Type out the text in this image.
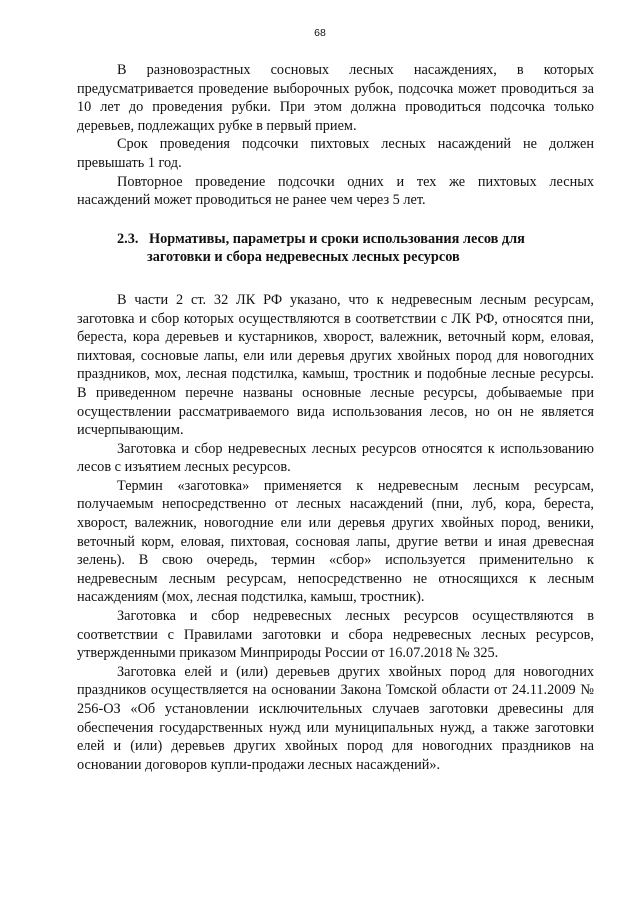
68

В разновозрастных сосновых лесных насаждениях, в которых предусматривается проведение выборочных рубок, подсочка может проводиться за 10 лет до проведения рубки. При этом должна проводиться подсочка только деревьев, подлежащих рубке в первый прием.

Срок проведения подсочки пихтовых лесных насаждений не должен превышать 1 год.

Повторное проведение подсочки одних и тех же пихтовых лесных насаждений может проводиться не ранее чем через 5 лет.

2.3. Нормативы, параметры и сроки использования лесов для
заготовки и сбора недревесных лесных ресурсов

В части 2 ст. 32 ЛК РФ указано, что к недревесным лесным ресурсам, заготовка и сбор которых осуществляются в соответствии с ЛК РФ, относятся пни, береста, кора деревьев и кустарников, хворост, валежник, веточный корм, еловая, пихтовая, сосновые лапы, ели или деревья других хвойных пород для новогодних праздников, мох, лесная подстилка, камыш, тростник и подобные лесные ресурсы. В приведенном перечне названы основные лесные ресурсы, добываемые при осуществлении рассматриваемого вида использования лесов, но он не является исчерпывающим.

Заготовка и сбор недревесных лесных ресурсов относятся к использованию лесов с изъятием лесных ресурсов.

Термин «заготовка» применяется к недревесным лесным ресурсам, получаемым непосредственно от лесных насаждений (пни, луб, кора, береста, хворост, валежник, новогодние ели или деревья других хвойных пород, веники, веточный корм, еловая, пихтовая, сосновая лапы, другие ветви и иная древесная зелень). В свою очередь, термин «сбор» используется применительно к недревесным лесным ресурсам, непосредственно не относящихся к лесным насаждениям (мох, лесная подстилка, камыш, тростник).

Заготовка и сбор недревесных лесных ресурсов осуществляются в соответствии с Правилами заготовки и сбора недревесных лесных ресурсов, утвержденными приказом Минприроды России от 16.07.2018 № 325.

Заготовка елей и (или) деревьев других хвойных пород для новогодних праздников осуществляется на основании Закона Томской области от 24.11.2009 № 256-ОЗ «Об установлении исключительных случаев заготовки древесины для обеспечения государственных нужд или муниципальных нужд, а также заготовки елей и (или) деревьев других хвойных пород для новогодних праздников на основании договоров купли-продажи лесных насаждений».
